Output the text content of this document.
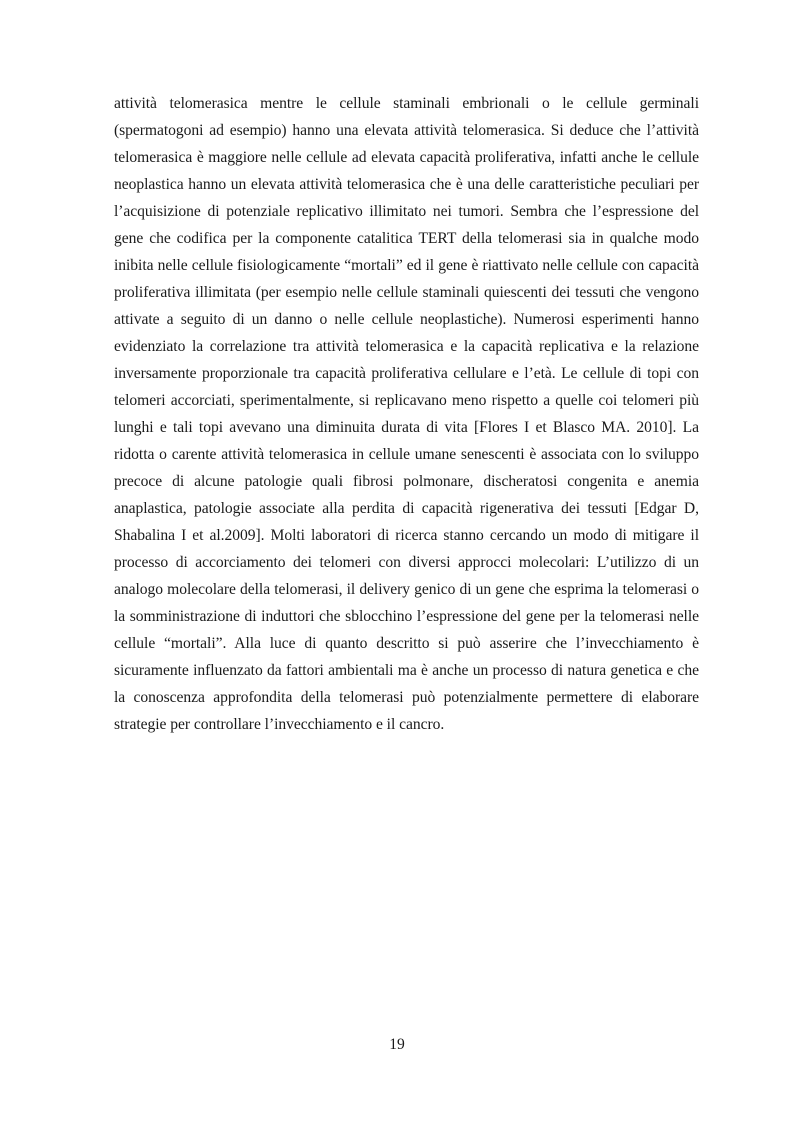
attività telomerasica mentre le cellule staminali embrionali o le cellule germinali (spermatogoni ad esempio) hanno una elevata attività telomerasica. Si deduce che l’attività telomerasica è maggiore nelle cellule ad elevata capacità proliferativa, infatti anche le cellule neoplastica hanno un elevata attività telomerasica che è una delle caratteristiche peculiari per l’acquisizione di potenziale replicativo illimitato nei tumori. Sembra che l’espressione del gene che codifica per la componente catalitica TERT della telomerasi sia in qualche modo inibita nelle cellule fisiologicamente “mortali” ed il gene è riattivato nelle cellule con capacità proliferativa illimitata (per esempio nelle cellule staminali quiescenti dei tessuti che vengono attivate a seguito di un danno o nelle cellule neoplastiche). Numerosi esperimenti hanno evidenziato la correlazione tra attività telomerasica e la capacità replicativa e la relazione inversamente proporzionale tra capacità proliferativa cellulare e l’età. Le cellule di topi con telomeri accorciati, sperimentalmente, si replicavano meno rispetto a quelle coi telomeri più lunghi e tali topi avevano una diminuita durata di vita [Flores I et Blasco MA. 2010]. La ridotta o carente attività telomerasica in cellule umane senescenti è associata con lo sviluppo precoce di alcune patologie quali fibrosi polmonare, discheratosi congenita e anemia anaplastica, patologie associate alla perdita di capacità rigenerativa dei tessuti [Edgar D, Shabalina I et al.2009]. Molti laboratori di ricerca stanno cercando un modo di mitigare il processo di accorciamento dei telomeri con diversi approcci molecolari: L’utilizzo di un analogo molecolare della telomerasi, il delivery genico di un gene che esprima la telomerasi o la somministrazione di induttori che sblocchino l’espressione del gene per la telomerasi nelle cellule “mortali”. Alla luce di quanto descritto si può asserire che l’invecchiamento è sicuramente influenzato da fattori ambientali ma è anche un processo di natura genetica e che la conoscenza approfondita della telomerasi può potenzialmente permettere di elaborare strategie per controllare l’invecchiamento e il cancro.

19
